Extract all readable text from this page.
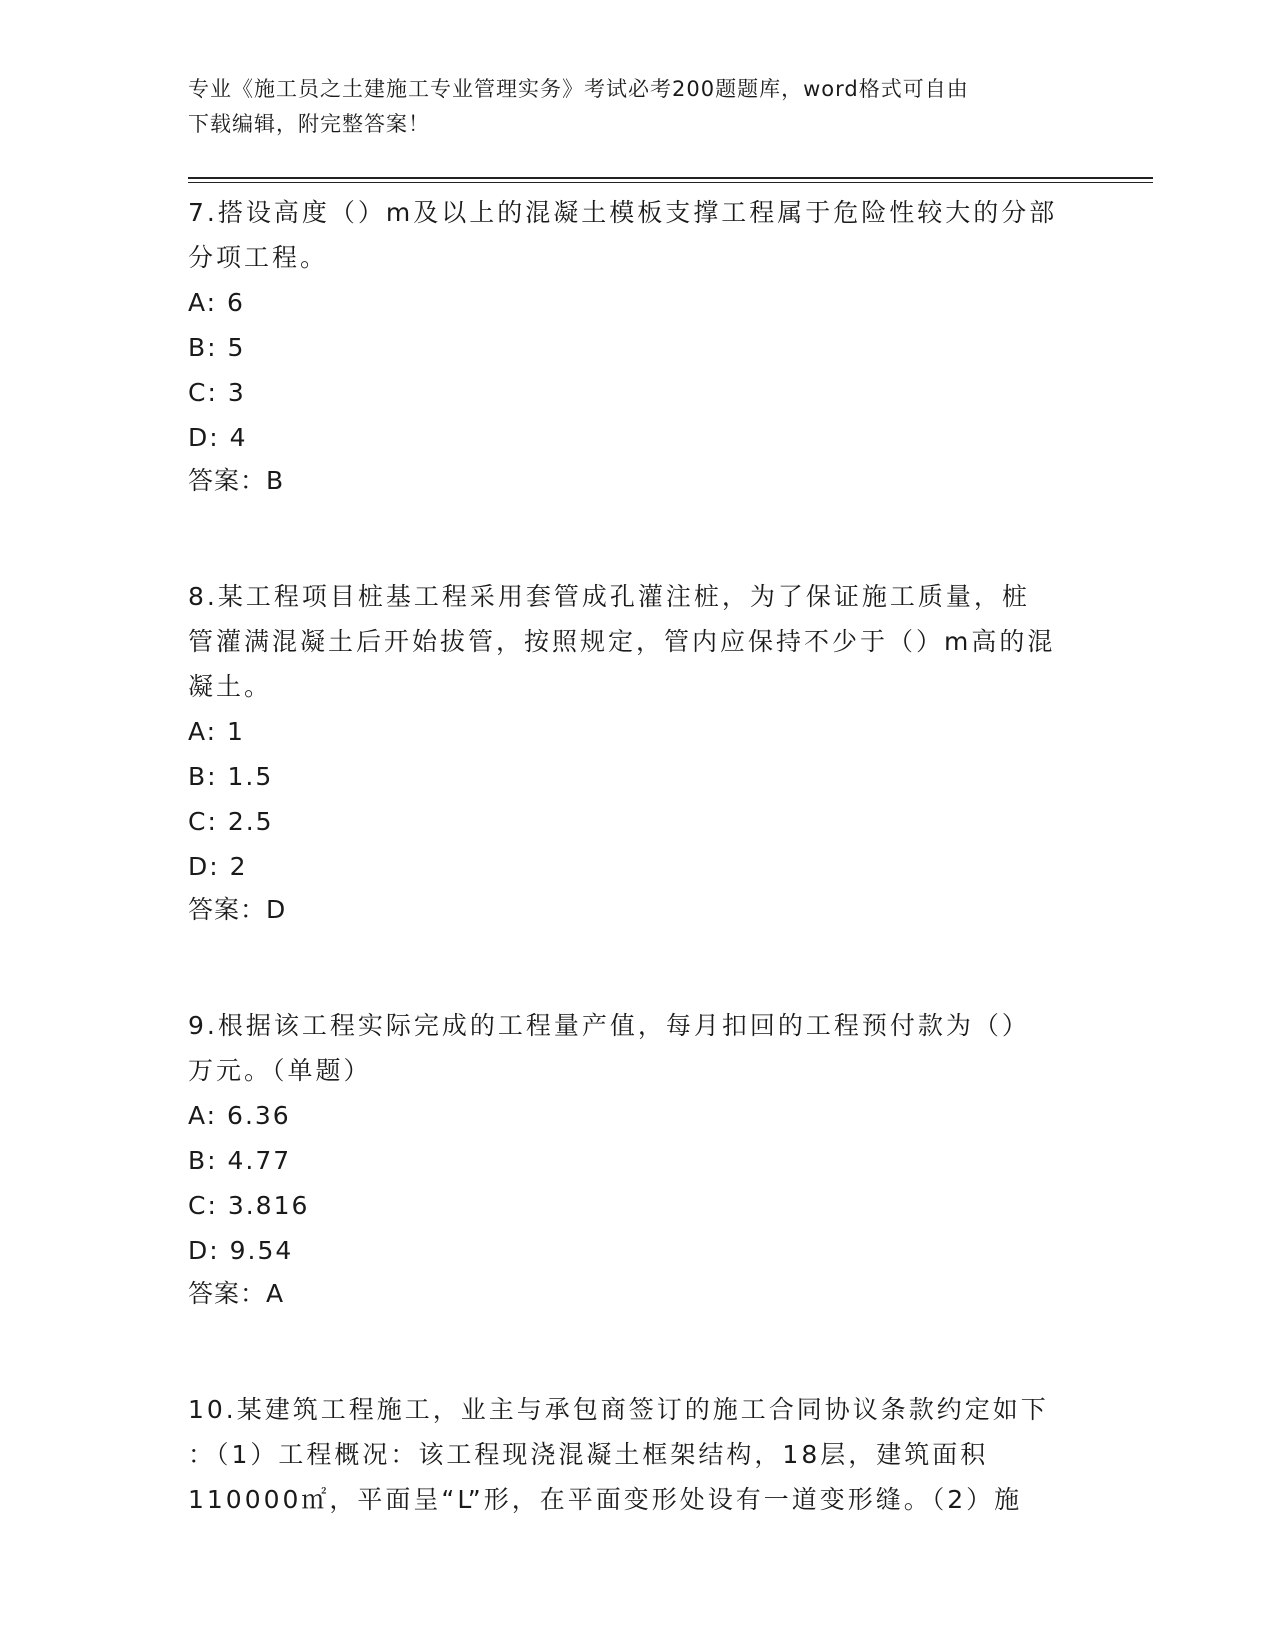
专业《施工员之土建施工专业管理实务》考试必考200题题库，word格式可自由
下载编辑，附完整答案！

7.搭设高度（）m及以上的混凝土模板支撑工程属于危险性较大的分部

分项工程。

A: 6

B: 5

C: 3

D: 4

答案：B

8.某工程项目桩基工程采用套管成孔灌注桩，为了保证施工质量，桩

管灌满混凝土后开始拔管，按照规定，管内应保持不少于（）m高的混

凝土。

A: 1

B: 1.5

C: 2.5

D: 2

答案：D

9.根据该工程实际完成的工程量产值，每月扣回的工程预付款为（）

万元。（单题）

A: 6.36

B: 4.77

C: 3.816

D: 9.54

答案：A

10.某建筑工程施工，业主与承包商签订的施工合同协议条款约定如下

：（1）工程概况：该工程现浇混凝土框架结构，18层，建筑面积

110000㎡，平面呈“L”形，在平面变形处设有一道变形缝。（2）施
